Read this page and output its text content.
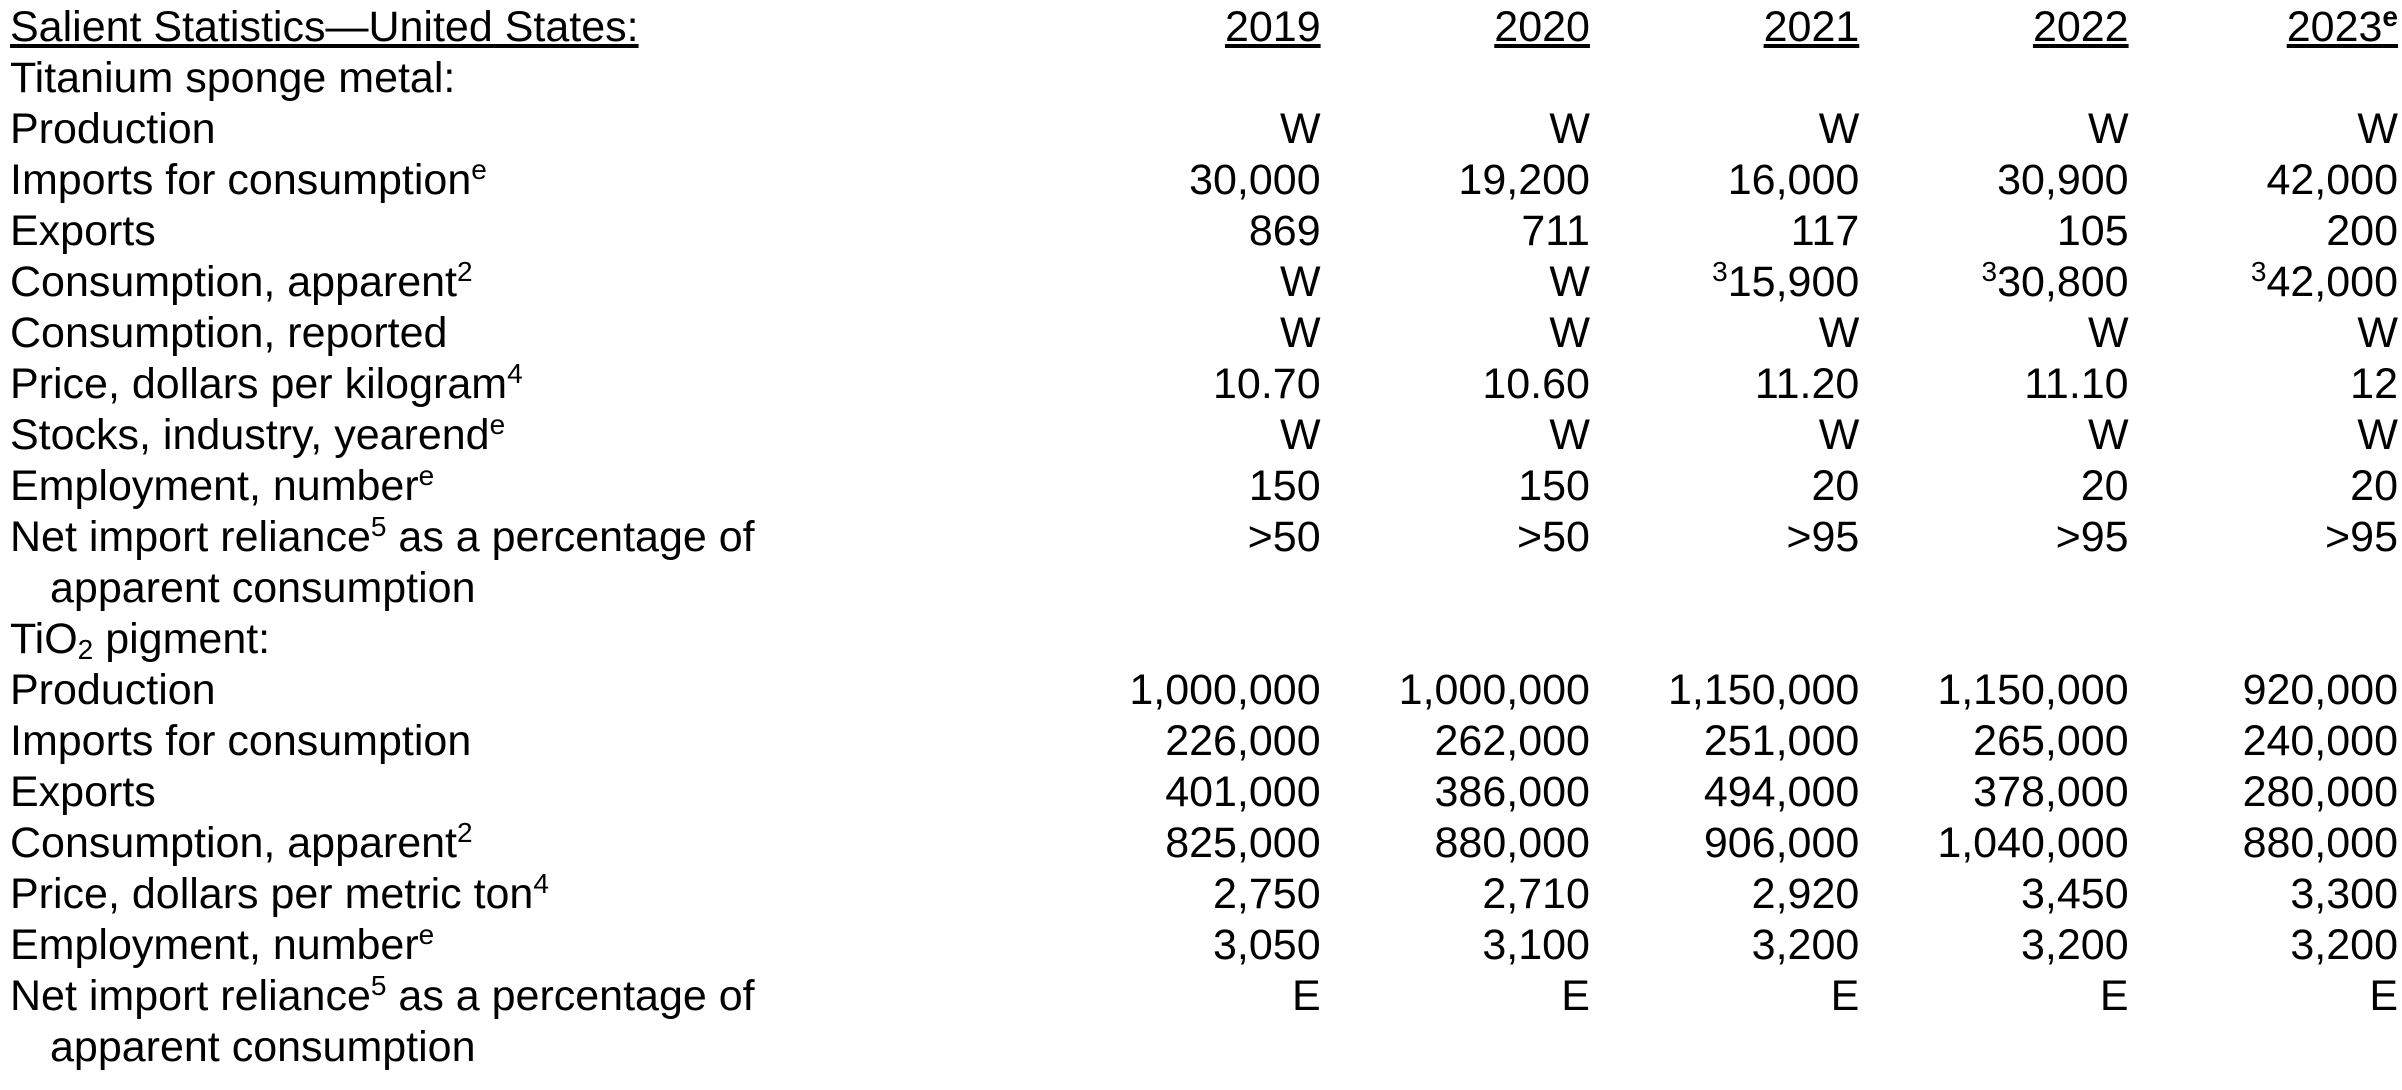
Salient Statistics—United States:	2019	2020	2021	2022	2023e
Titanium sponge metal:					
Production	W	W	W	W	W
Imports for consumption$^e$	30,000	19,200	16,000	30,900	42,000
Exports	869	711	117	105	200
Consumption, apparent$^2$	W	W	$^3$15,900	$^3$30,800	$^3$42,000
Consumption, reported	W	W	W	W	W
Price, dollars per kilogram$^4$	10.70	10.60	11.20	11.10	12
Stocks, industry, yearend$^e$	W	W	W	W	W
Employment, number$^e$	150	150	20	20	20
Net import reliance$^5$ as a percentage of
apparent consumption	>50	>50	>95	>95	>95
TiO$_2$ pigment:					
Production	1,000,000	1,000,000	1,150,000	1,150,000	920,000
Imports for consumption	226,000	262,000	251,000	265,000	240,000
Exports	401,000	386,000	494,000	378,000	280,000
Consumption, apparent$^2$	825,000	880,000	906,000	1,040,000	880,000
Price, dollars per metric ton$^4$	2,750	2,710	2,920	3,450	3,300
Employment, number$^e$	3,050	3,100	3,200	3,200	3,200
Net import reliance$^5$ as a percentage of
apparent consumption	E	E	E	E	E
